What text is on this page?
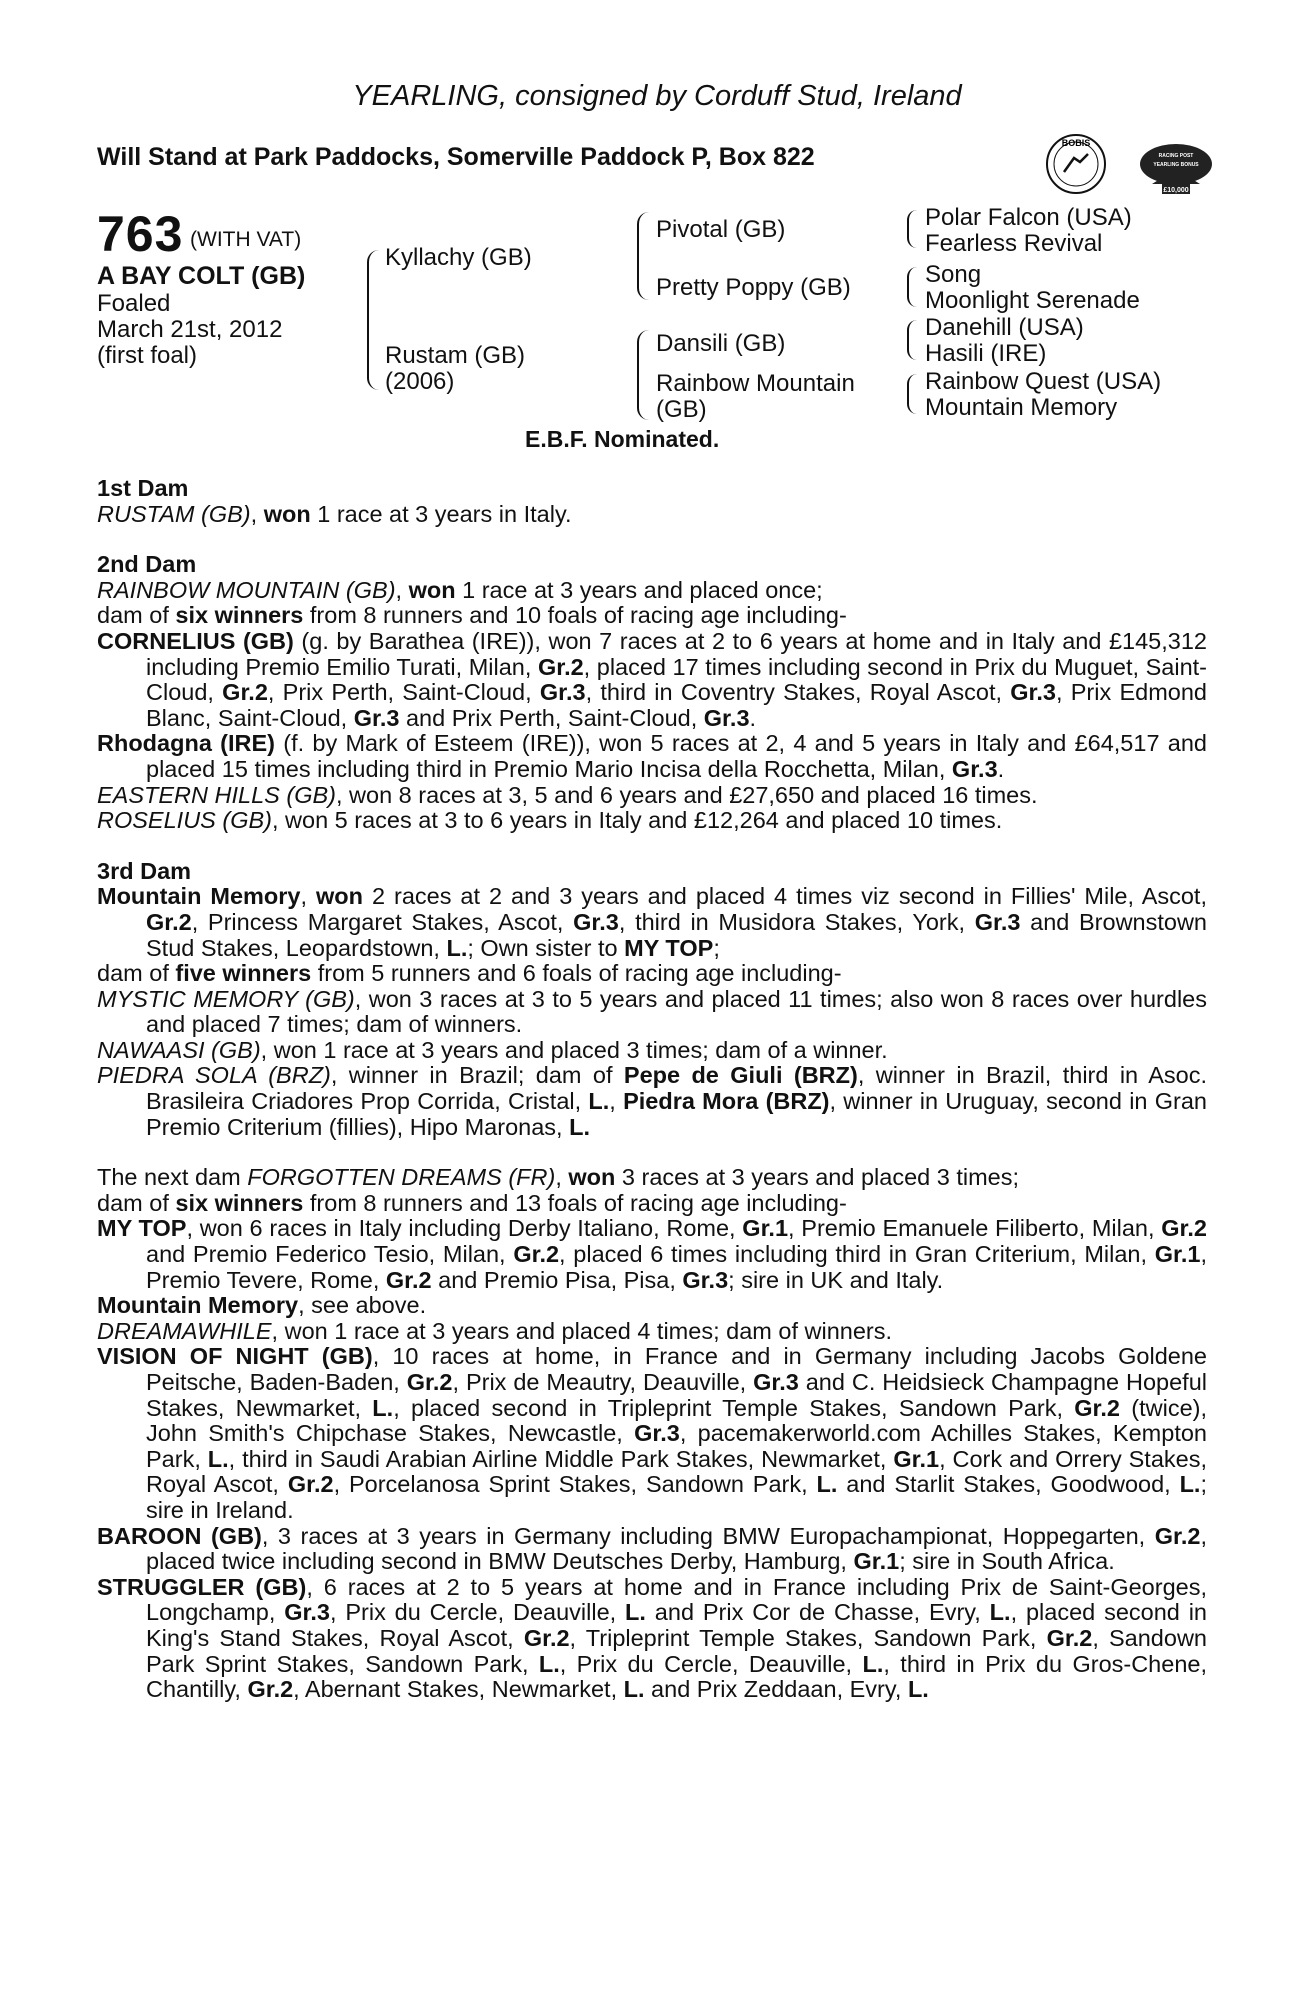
YEARLING, consigned by Corduff Stud, Ireland
Will Stand at Park Paddocks, Somerville Paddock P, Box 822	BOBIS
RACING POST
YEARLING BONUS
£10,000
763 (WITH VAT)
A BAY COLT (GB)
Foaled
March 21st, 2012
(first foal)
Kyllachy (GB)
Rustam (GB)
(2006)
Pivotal (GB)
Pretty Poppy (GB)
Dansili (GB)
Rainbow Mountain
(GB)
Polar Falcon (USA)
Fearless Revival
Song
Moonlight Serenade
Danehill (USA)
Hasili (IRE)
Rainbow Quest (USA)
Mountain Memory
E.B.F. Nominated.

1st Dam

RUSTAM (GB), won 1 race at 3 years in Italy.

2nd Dam

RAINBOW MOUNTAIN (GB), won 1 race at 3 years and placed once;

dam of six winners from 8 runners and 10 foals of racing age including-

CORNELIUS (GB) (g. by Barathea (IRE)), won 7 races at 2 to 6 years at home and in Italy and £145,312 including Premio Emilio Turati, Milan, Gr.2, placed 17 times including second in Prix du Muguet, Saint-Cloud, Gr.2, Prix Perth, Saint-Cloud, Gr.3, third in Coventry Stakes, Royal Ascot, Gr.3, Prix Edmond Blanc, Saint-Cloud, Gr.3 and Prix Perth, Saint-Cloud, Gr.3.

Rhodagna (IRE) (f. by Mark of Esteem (IRE)), won 5 races at 2, 4 and 5 years in Italy and £64,517 and placed 15 times including third in Premio Mario Incisa della Rocchetta, Milan, Gr.3.

EASTERN HILLS (GB), won 8 races at 3, 5 and 6 years and £27,650 and placed 16 times.

ROSELIUS (GB), won 5 races at 3 to 6 years in Italy and £12,264 and placed 10 times.

3rd Dam

Mountain Memory, won 2 races at 2 and 3 years and placed 4 times viz second in Fillies' Mile, Ascot, Gr.2, Princess Margaret Stakes, Ascot, Gr.3, third in Musidora Stakes, York, Gr.3 and Brownstown Stud Stakes, Leopardstown, L.; Own sister to MY TOP;

dam of five winners from 5 runners and 6 foals of racing age including-

MYSTIC MEMORY (GB), won 3 races at 3 to 5 years and placed 11 times; also won 8 races over hurdles and placed 7 times; dam of winners.

NAWAASI (GB), won 1 race at 3 years and placed 3 times; dam of a winner.

PIEDRA SOLA (BRZ), winner in Brazil; dam of Pepe de Giuli (BRZ), winner in Brazil, third in Asoc. Brasileira Criadores Prop Corrida, Cristal, L., Piedra Mora (BRZ), winner in Uruguay, second in Gran Premio Criterium (fillies), Hipo Maronas, L.

The next dam FORGOTTEN DREAMS (FR), won 3 races at 3 years and placed 3 times;

dam of six winners from 8 runners and 13 foals of racing age including-

MY TOP, won 6 races in Italy including Derby Italiano, Rome, Gr.1, Premio Emanuele Filiberto, Milan, Gr.2 and Premio Federico Tesio, Milan, Gr.2, placed 6 times including third in Gran Criterium, Milan, Gr.1, Premio Tevere, Rome, Gr.2 and Premio Pisa, Pisa, Gr.3; sire in UK and Italy.

Mountain Memory, see above.

DREAMAWHILE, won 1 race at 3 years and placed 4 times; dam of winners.

VISION OF NIGHT (GB), 10 races at home, in France and in Germany including Jacobs Goldene Peitsche, Baden-Baden, Gr.2, Prix de Meautry, Deauville, Gr.3 and C. Heidsieck Champagne Hopeful Stakes, Newmarket, L., placed second in Tripleprint Temple Stakes, Sandown Park, Gr.2 (twice), John Smith's Chipchase Stakes, Newcastle, Gr.3, pacemakerworld.com Achilles Stakes, Kempton Park, L., third in Saudi Arabian Airline Middle Park Stakes, Newmarket, Gr.1, Cork and Orrery Stakes, Royal Ascot, Gr.2, Porcelanosa Sprint Stakes, Sandown Park, L. and Starlit Stakes, Goodwood, L.; sire in Ireland.

BAROON (GB), 3 races at 3 years in Germany including BMW Europachampionat, Hoppegarten, Gr.2, placed twice including second in BMW Deutsches Derby, Hamburg, Gr.1; sire in South Africa.

STRUGGLER (GB), 6 races at 2 to 5 years at home and in France including Prix de Saint-Georges, Longchamp, Gr.3, Prix du Cercle, Deauville, L. and Prix Cor de Chasse, Evry, L., placed second in King's Stand Stakes, Royal Ascot, Gr.2, Tripleprint Temple Stakes, Sandown Park, Gr.2, Sandown Park Sprint Stakes, Sandown Park, L., Prix du Cercle, Deauville, L., third in Prix du Gros-Chene, Chantilly, Gr.2, Abernant Stakes, Newmarket, L. and Prix Zeddaan, Evry, L.
